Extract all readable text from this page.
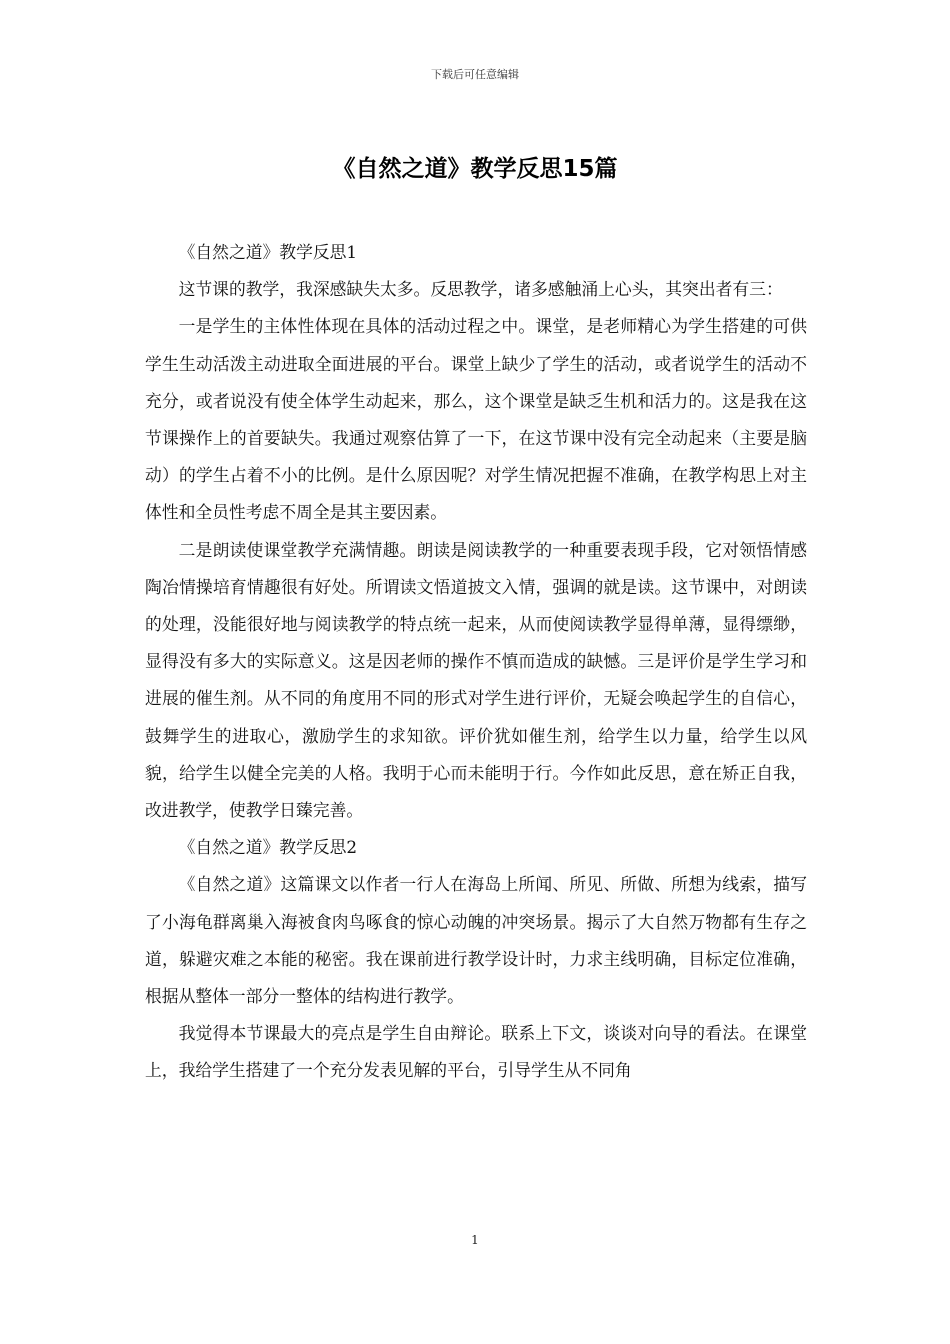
下载后可任意编辑
《自然之道》教学反思15篇

《自然之道》教学反思1

这节课的教学，我深感缺失太多。反思教学，诸多感触涌上心头，其突出者有三：

一是学生的主体性体现在具体的活动过程之中。课堂，是老师精心为学生搭建的可供学生生动活泼主动进取全面进展的平台。课堂上缺少了学生的活动，或者说学生的活动不充分，或者说没有使全体学生动起来，那么，这个课堂是缺乏生机和活力的。这是我在这节课操作上的首要缺失。我通过观察估算了一下，在这节课中没有完全动起来（主要是脑动）的学生占着不小的比例。是什么原因呢？对学生情况把握不准确，在教学构思上对主体性和全员性考虑不周全是其主要因素。

二是朗读使课堂教学充满情趣。朗读是阅读教学的一种重要表现手段，它对领悟情感陶冶情操培育情趣很有好处。所谓读文悟道披文入情，强调的就是读。这节课中，对朗读的处理，没能很好地与阅读教学的特点统一起来，从而使阅读教学显得单薄，显得缥缈，显得没有多大的实际意义。这是因老师的操作不慎而造成的缺憾。三是评价是学生学习和进展的催生剂。从不同的角度用不同的形式对学生进行评价，无疑会唤起学生的自信心，鼓舞学生的进取心，激励学生的求知欲。评价犹如催生剂，给学生以力量，给学生以风貌，给学生以健全完美的人格。我明于心而未能明于行。今作如此反思，意在矫正自我，改进教学，使教学日臻完善。

《自然之道》教学反思2

《自然之道》这篇课文以作者一行人在海岛上所闻、所见、所做、所想为线索，描写了小海龟群离巢入海被食肉鸟啄食的惊心动魄的冲突场景。揭示了大自然万物都有生存之道，躲避灾难之本能的秘密。我在课前进行教学设计时，力求主线明确，目标定位准确，根据从整体一部分一整体的结构进行教学。

我觉得本节课最大的亮点是学生自由辩论。联系上下文，谈谈对向导的看法。在课堂上，我给学生搭建了一个充分发表见解的平台，引导学生从不同角

1
